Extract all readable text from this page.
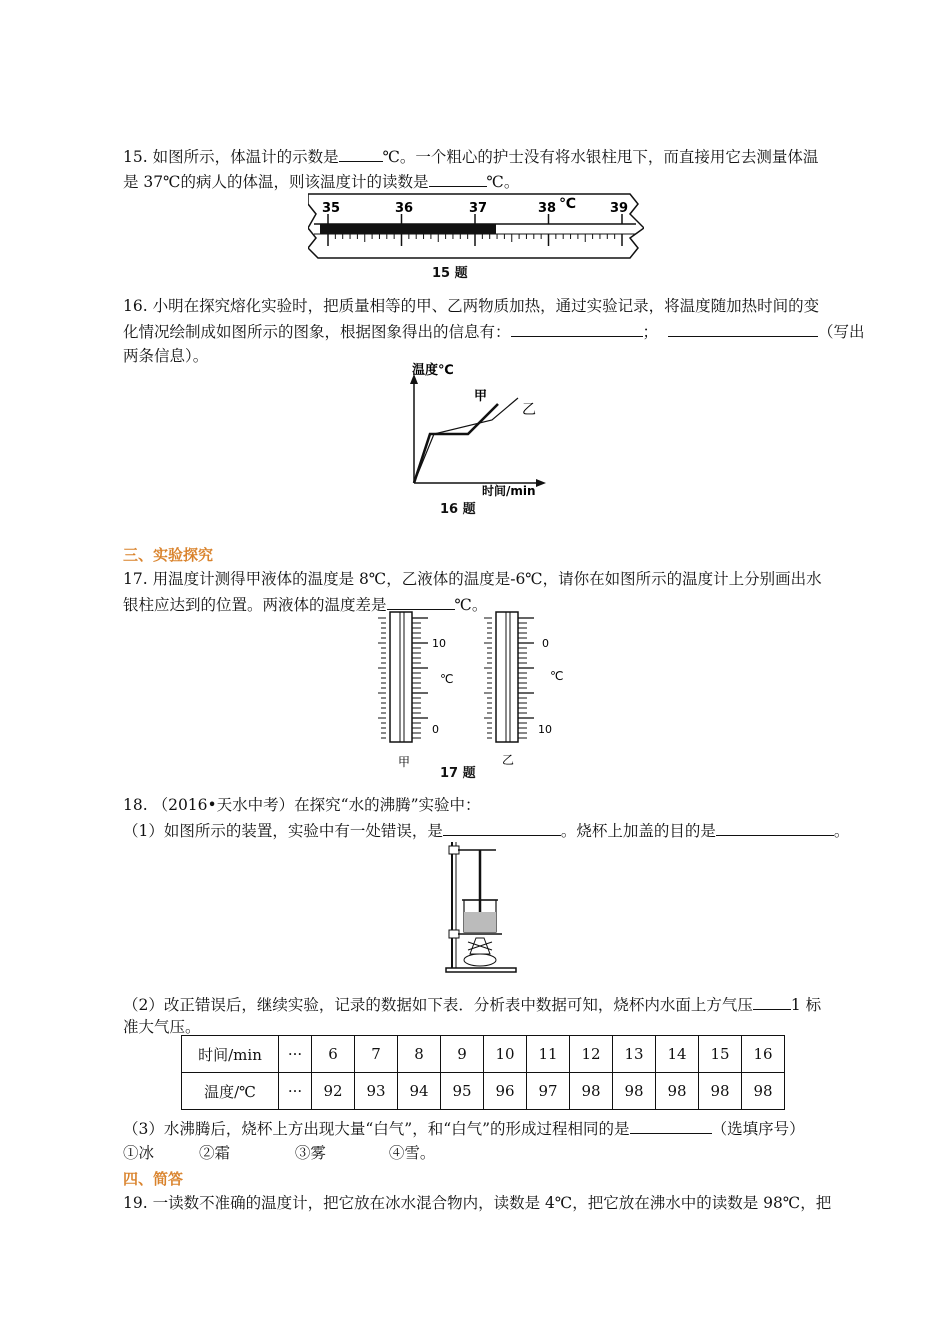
15. 如图所示，体温计的示数是	℃。一个粗心的护士没有将水银柱甩下，而直接用它去测量体温
是 37℃的病人的体温，则该温度计的读数是	℃。
35	36	37	38 ℃	39
15 题
16. 小明在探究熔化实验时，把质量相等的甲、乙两物质加热，通过实验记录，将温度随加热时间的变
化情况绘制成如图所示的图象，根据图象得出的信息有：	；	（写出
两条信息）。
温度℃
甲
乙
时间/min
16 题
三、实验探究
17. 用温度计测得甲液体的温度是 8℃，乙液体的温度是-6℃，请你在如图所示的温度计上分别画出水
银柱应达到的位置。两液体的温度差是	℃。
10
℃
0
甲
0
℃
10
乙
17 题
18. （2016•天水中考）在探究“水的沸腾”实验中：
（1）如图所示的装置，实验中有一处错误，是	。烧杯上加盖的目的是	。
（2）改正错误后，继续实验，记录的数据如下表．分析表中数据可知，烧杯内水面上方气压 1 标
准大气压。
时间/min	···	6	7	8	9	10	11	12	13	14	15	16
温度/℃	···	92	93	94	95	96	97	98	98	98	98	98
（3）水沸腾后，烧杯上方出现大量“白气”，和“白气”的形成过程相同的是	（选填序号）
①冰	②霜	③雾	④雪。
四、简答
19. 一读数不准确的温度计，把它放在冰水混合物内，读数是 4℃，把它放在沸水中的读数是 98℃，把
